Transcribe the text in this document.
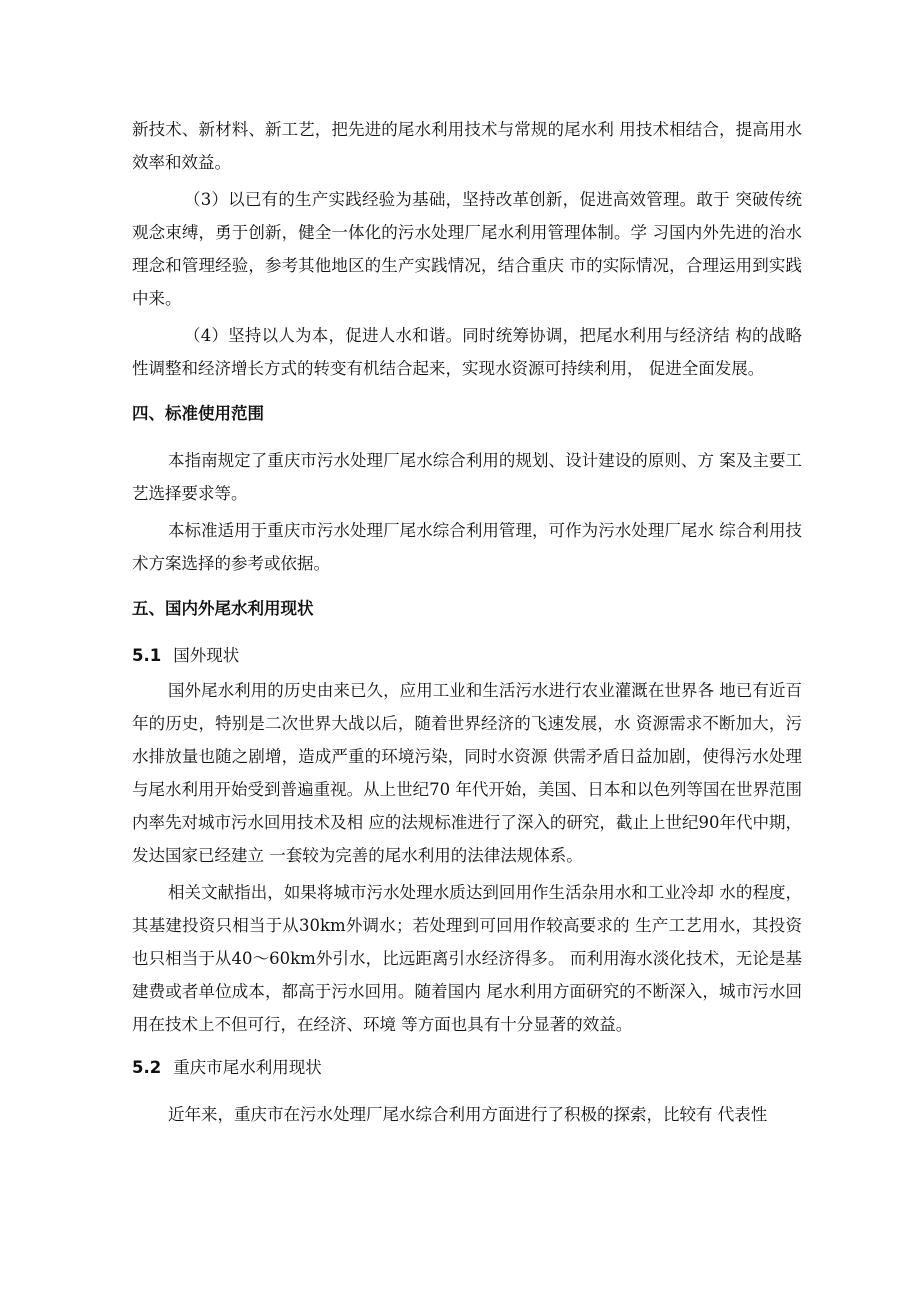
新技术、新材料、新工艺，把先进的尾水利用技术与常规的尾水利 用技术相结合，提高用水效率和效益。

（3）以已有的生产实践经验为基础，坚持改革创新，促进高效管理。敢于 突破传统观念束缚，勇于创新，健全一体化的污水处理厂尾水利用管理体制。学 习国内外先进的治水理念和管理经验，参考其他地区的生产实践情况，结合重庆 市的实际情况，合理运用到实践中来。

（4）坚持以人为本，促进人水和谐。同时统筹协调，把尾水利用与经济结 构的战略性调整和经济增长方式的转变有机结合起来，实现水资源可持续利用， 促进全面发展。

四、标准使用范围

本指南规定了重庆市污水处理厂尾水综合利用的规划、设计建设的原则、方 案及主要工艺选择要求等。

本标准适用于重庆市污水处理厂尾水综合利用管理，可作为污水处理厂尾水 综合利用技术方案选择的参考或依据。

五、国内外尾水利用现状
5.1 国外现状

国外尾水利用的历史由来已久，应用工业和生活污水进行农业灌溉在世界各 地已有近百年的历史，特别是二次世界大战以后，随着世界经济的飞速发展，水 资源需求不断加大，污水排放量也随之剧增，造成严重的环境污染，同时水资源 供需矛盾日益加剧，使得污水处理与尾水利用开始受到普遍重视。从上世纪70 年代开始，美国、日本和以色列等国在世界范围内率先对城市污水回用技术及相 应的法规标准进行了深入的研究，截止上世纪90年代中期，发达国家已经建立 一套较为完善的尾水利用的法律法规体系。

相关文献指出，如果将城市污水处理水质达到回用作生活杂用水和工业冷却 水的程度，其基建投资只相当于从30km外调水；若处理到可回用作较高要求的 生产工艺用水，其投资也只相当于从40～60km外引水，比远距离引水经济得多。 而利用海水淡化技术，无论是基建费或者单位成本，都高于污水回用。随着国内 尾水利用方面研究的不断深入，城市污水回用在技术上不但可行，在经济、环境 等方面也具有十分显著的效益。

5.2 重庆市尾水利用现状

近年来，重庆市在污水处理厂尾水综合利用方面进行了积极的探索，比较有 代表性
